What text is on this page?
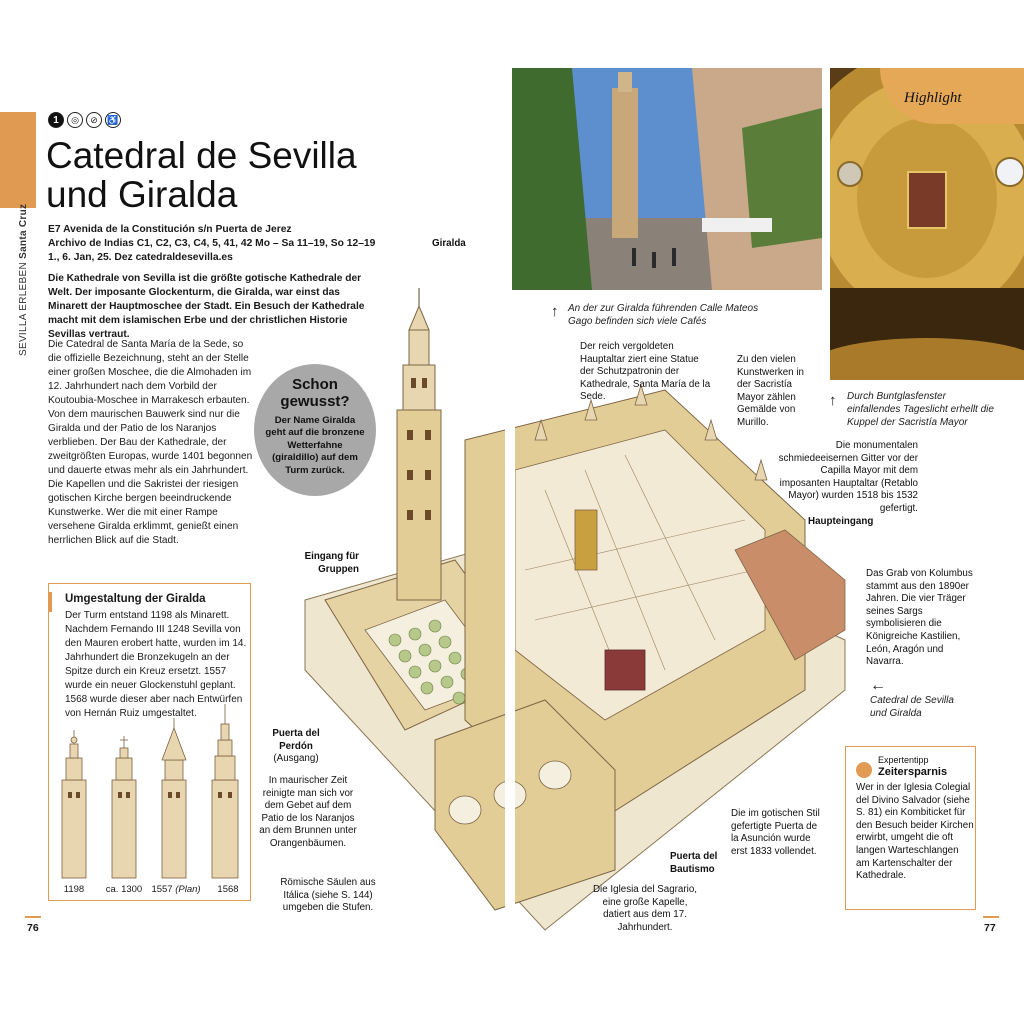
SEVILLA ERLEBEN Santa Cruz
1	◎	⊘	♿
Catedral de Sevilla
und Giralda
E7 Avenida de la Constitución s/n Puerta de Jerez
Archivo de Indias C1, C2, C3, C4, 5, 41, 42 Mo – Sa 11–19, So 12–19
1., 6. Jan, 25. Dez catedraldesevilla.es
Die Kathedrale von Sevilla ist die größte gotische Kathedrale der Welt. Der imposante Glockenturm, die Giralda, war einst das Minarett der Hauptmoschee der Stadt. Ein Besuch der Kathedrale macht mit dem islamischen Erbe und der christlichen Historie Sevillas vertraut.
Die Catedral de Santa María de la Sede, so die offizielle Bezeichnung, steht an der Stelle einer großen Moschee, die die Almohaden im 12. Jahrhundert nach dem Vorbild der Koutoubia-Moschee in Marrakesch erbauten. Von dem maurischen Bauwerk sind nur die Giralda und der Patio de los Naranjos verblieben. Der Bau der Kathedrale, der zweitgrößten Europas, wurde 1401 begonnen und dauerte etwas mehr als ein Jahrhundert. Die Kapellen und die Sakristei der riesigen gotischen Kirche bergen beeindruckende Kunstwerke. Wer die mit einer Rampe versehene Giralda erklimmt, genießt einen herrlichen Blick auf die Stadt.
Umgestaltung der Giralda
Der Turm entstand 1198 als Minarett. Nachdem Fernando III 1248 Sevilla von den Mauren erobert hatte, wurden im 14. Jahrhundert die Bronzekugeln an der Spitze durch ein Kreuz ersetzt. 1557 wurde ein neuer Glockenstuhl geplant. 1568 wurde dieser aber nach Entwürfen von Hernán Ruiz umgestaltet.
1198	ca. 1300 1557 (Plan)	1568
Schon
gewusst?
Der Name Giralda geht auf die bronzene Wetterfahne (giraldillo) auf dem Turm zurück.
Giralda
Eingang für Gruppen
Puerta del Perdón
(Ausgang)
In maurischer Zeit reinigte man sich vor dem Gebet auf dem Patio de los Naranjos an dem Brunnen unter Orangenbäumen.
Römische Säulen aus Itálica (siehe S. 144) umgeben die Stufen.
Der reich vergoldeten Hauptaltar ziert eine Statue der Schutzpatronin der Kathedrale, Santa María de la Sede.
Zu den vielen Kunstwerken in der Sacristía Mayor zählen Gemälde von Murillo.
Die monumentalen schmiedeeisernen Gitter vor der Capilla Mayor mit dem imposanten Hauptaltar (Retablo Mayor) wurden 1518 bis 1532 gefertigt.
Haupteingang
Das Grab von Kolumbus stammt aus den 1890er Jahren. Die vier Träger seines Sargs symbolisieren die Königreiche Kastilien, León, Aragón und Navarra.
Die im gotischen Stil gefertigte Puerta de la Asunción wurde erst 1833 vollendet.
Puerta del Bautismo
Die Iglesia del Sagrario, eine große Kapelle, datiert aus dem 17. Jahrhundert.
←
Catedral de Sevilla und Giralda
↑ An der zur Giralda führenden Calle Mateos Gago befinden sich viele Cafés
Highlight
↑ Durch Buntglasfenster einfallendes Tageslicht erhellt die Kuppel der Sacristía Mayor
Expertentipp
Zeitersparnis
Wer in der Iglesia Colegial del Divino Salvador (siehe S. 81) ein Kombiticket für den Besuch beider Kirchen erwirbt, umgeht die oft langen Warteschlangen am Kartenschalter der Kathedrale.
76	77
